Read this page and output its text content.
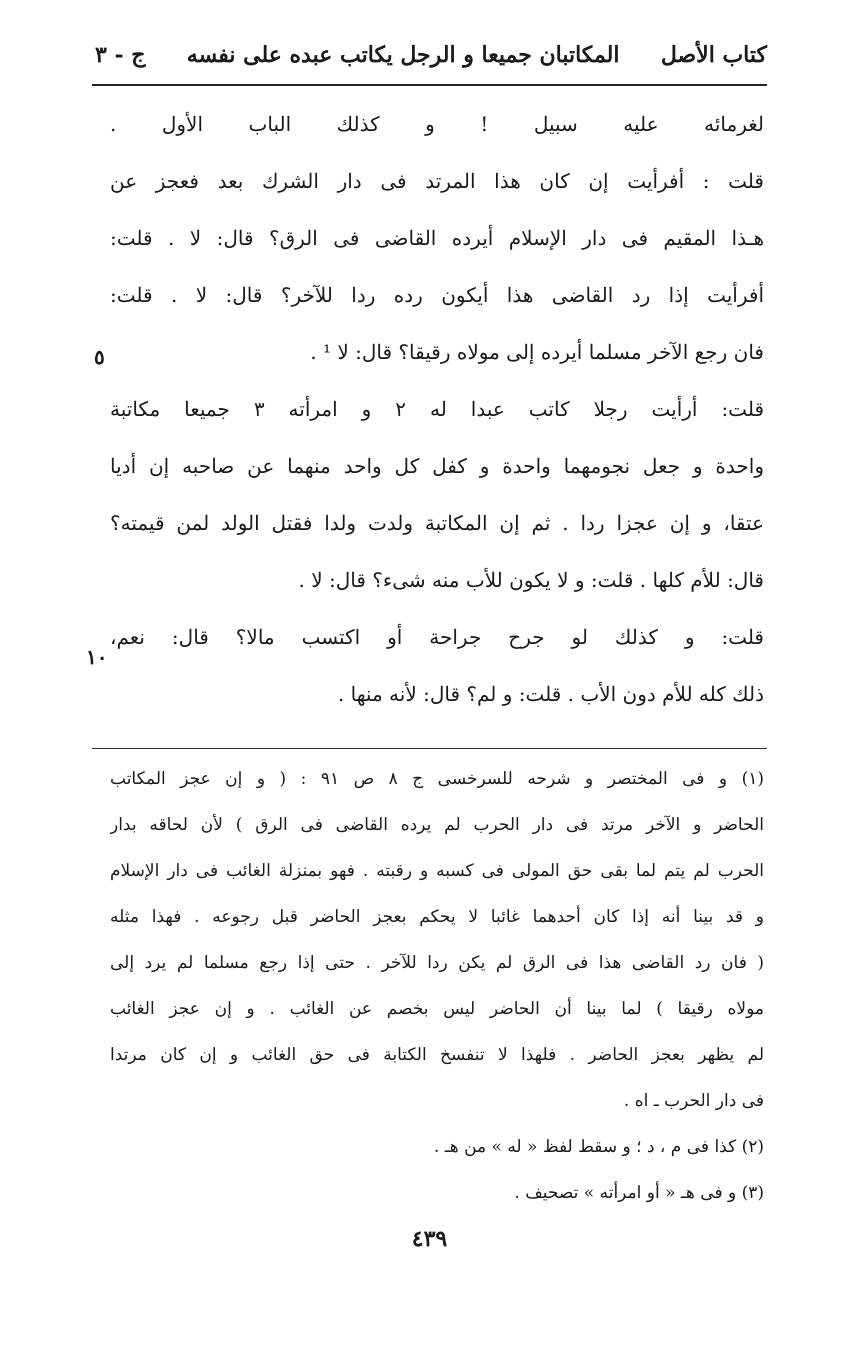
كتاب الأصل
المكاتبان جميعا و الرجل يكاتب عبده على نفسه
ج - ٣
لغرمائه عليه سبيل ! و كذلك الباب الأول .
قلت : أفرأيت إن كان هذا المرتد فى دار الشرك بعد فعجز عن
هـذا المقيم فى دار الإسلام أيرده القاضى فى الرق؟ قال: لا . قلت:
أفرأيت إذا رد القاضى هذا أيكون رده ردا للآخر؟ قال: لا . قلت:
فان رجع الآخر مسلما أيرده إلى مولاه رقيقا؟ قال: لا ¹ .
قلت: أرأيت رجلا كاتب عبدا له ٢ و امرأته ٣ جميعا مكاتبة
واحدة و جعل نجومهما واحدة و كفل كل واحد منهما عن صاحبه إن أديا
عتقا، و إن عجزا ردا . ثم إن المكاتبة ولدت ولدا فقتل الولد لمن قيمته؟
قال: للأم كلها . قلت: و لا يكون للأب منه شىء؟ قال: لا .
قلت: و كذلك لو جرح جراحة أو اكتسب مالا؟ قال: نعم،
ذلك كله للأم دون الأب . قلت: و لم؟ قال: لأنه منها .
٥
١٠
(١) و فى المختصر و شرحه للسرخسى ج ٨ ص ٩١ : ( و إن عجز المكاتب
الحاضر و الآخر مرتد فى دار الحرب لم يرده القاضى فى الرق ) لأن لحاقه بدار
الحرب لم يتم لما بقى حق المولى فى كسبه و رقبته . فهو بمنزلة الغائب فى دار الإسلام
و قد بينا أنه إذا كان أحدهما غائبا لا يحكم بعجز الحاضر قبل رجوعه . فهذا مثله
( فان رد القاضى هذا فى الرق لم يكن ردا للآخر . حتى إذا رجع مسلما لم يرد إلى
مولاه رقيقا ) لما بينا أن الحاضر ليس بخصم عن الغائب . و إن عجز الغائب
لم يظهر بعجز الحاضر . فلهذا لا تنفسخ الكتابة فى حق الغائب و إن كان مرتدا
فى دار الحرب ـ اه .
(٢) كذا فى م ، د ؛ و سقط لفظ « له » من هـ .
(٣) و فى هـ « أو امرأته » تصحيف .
٤٣٩
